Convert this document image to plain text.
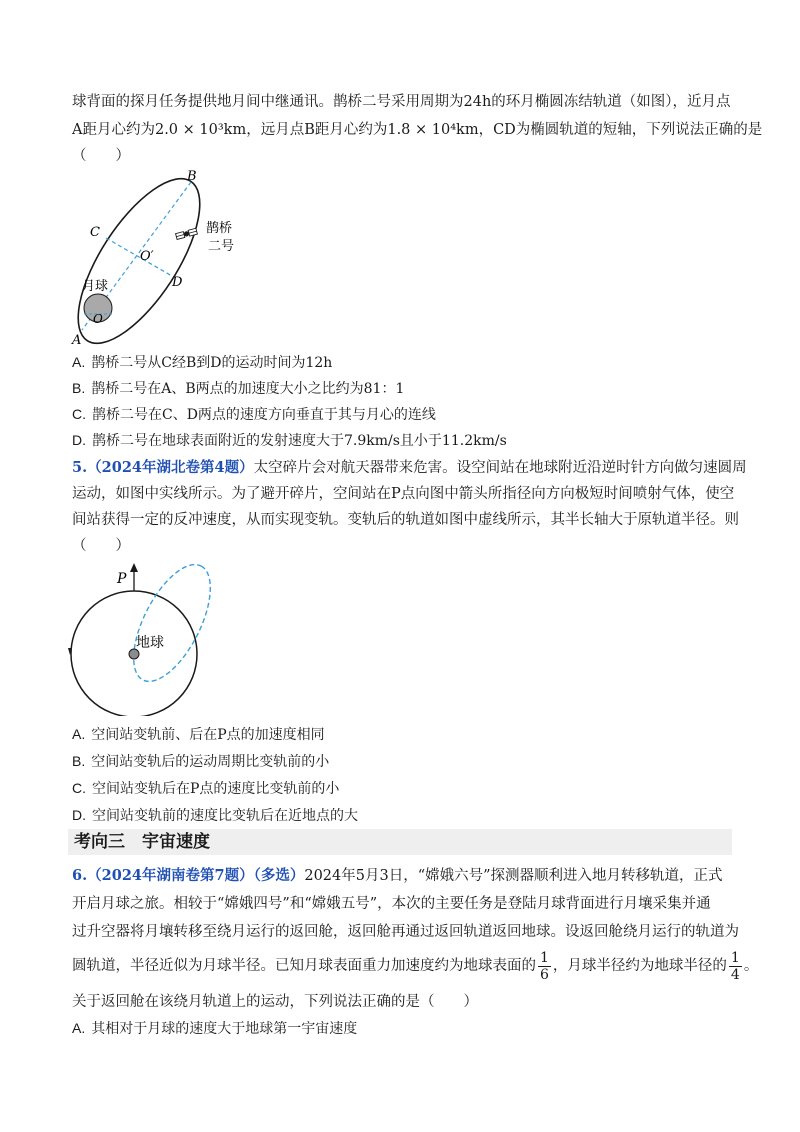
球背面的探月任务提供地月间中继通讯。鹊桥二号采用周期为24h的环月椭圆冻结轨道（如图），近月点
A距月心约为2.0 × 10³km，远月点B距月心约为1.8 × 10⁴km，CD为椭圆轨道的短轴，下列说法正确的是
（　　）
B
C
O′
D
月球
O
A
鹊桥
二号
A. 鹊桥二号从C经B到D的运动时间为12h
B. 鹊桥二号在A、B两点的加速度大小之比约为81：1
C. 鹊桥二号在C、D两点的速度方向垂直于其与月心的连线
D. 鹊桥二号在地球表面附近的发射速度大于7.9km/s且小于11.2km/s
5.（2024年湖北卷第4题）太空碎片会对航天器带来危害。设空间站在地球附近沿逆时针方向做匀速圆周
运动，如图中实线所示。为了避开碎片，空间站在P点向图中箭头所指径向方向极短时间喷射气体，使空
间站获得一定的反冲速度，从而实现变轨。变轨后的轨道如图中虚线所示，其半长轴大于原轨道半径。则
（　　）
P
地球
A. 空间站变轨前、后在P点的加速度相同
B. 空间站变轨后的运动周期比变轨前的小
C. 空间站变轨后在P点的速度比变轨前的小
D. 空间站变轨前的速度比变轨后在近地点的大
考向三　宇宙速度
6.（2024年湖南卷第7题）（多选）2024年5月3日，“嫦娥六号”探测器顺利进入地月转移轨道，正式
开启月球之旅。相较于“嫦娥四号”和“嫦娥五号”，本次的主要任务是登陆月球背面进行月壤采集并通
过升空器将月壤转移至绕月运行的返回舱，返回舱再通过返回轨道返回地球。设返回舱绕月运行的轨道为
圆轨道，半径近似为月球半径。已知月球表面重力加速度约为地球表面的 $\frac{1}{6}$ ，月球半径约为地球半径的 $\frac{1}{4}$ 。
关于返回舱在该绕月轨道上的运动，下列说法正确的是（　　）
A. 其相对于月球的速度大于地球第一宇宙速度
